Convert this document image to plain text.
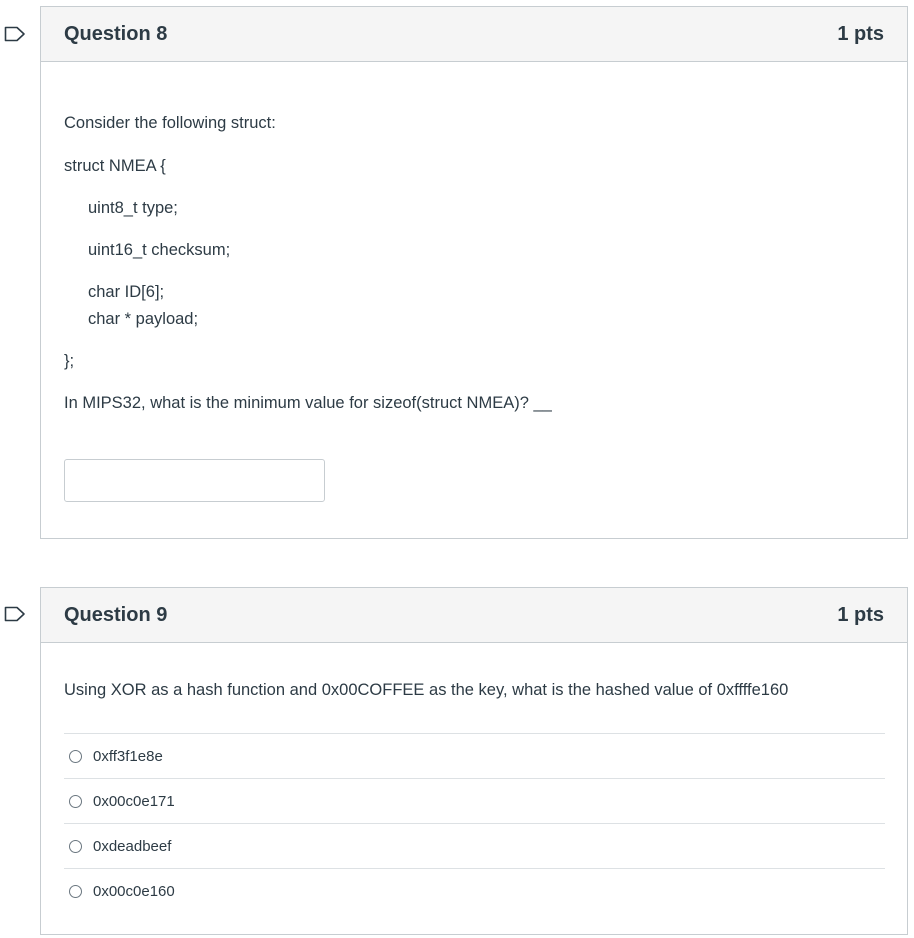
Question 8	1 pts
Consider the following struct:
struct NMEA {
uint8_t type;
uint16_t checksum;
char ID[6];
char * payload;
};
In MIPS32, what is the minimum value for sizeof(struct NMEA)? __
Question 9	1 pts
Using XOR as a hash function and 0x00COFFEE as the key, what is the hashed value of 0xffffe160
0xff3f1e8e
0x00c0e171
0xdeadbeef
0x00c0e160
